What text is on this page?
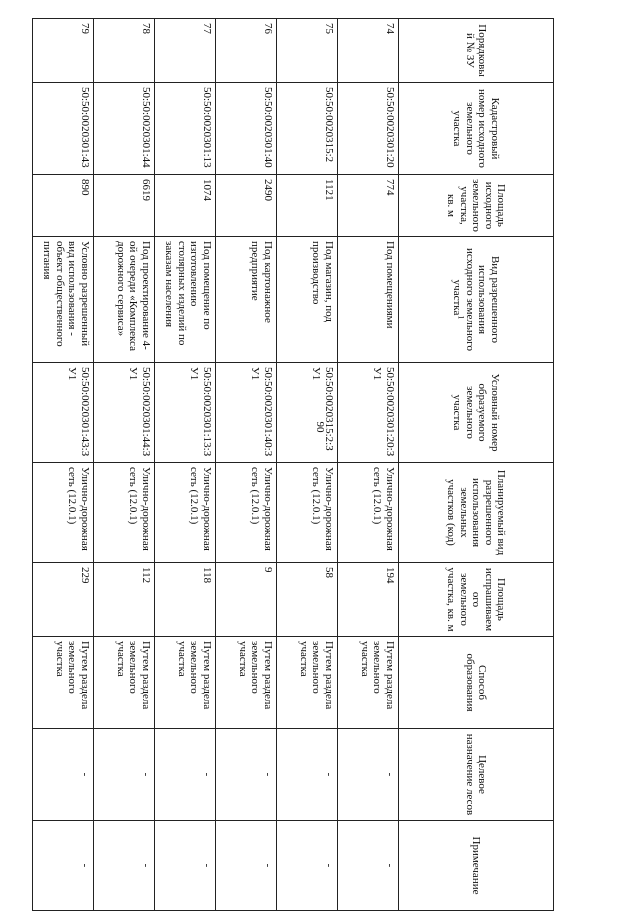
90
Порядковый № ЗУ	Кадастровый номер исходного земельного участка	Площадь исходного земельного участка, кв. м	Вид разрешенного использования исходного земельного участка$^1$	Условный номер образуемого земельного участка	Планируемый вид разрешенного использования земельных участков (код)	Площадь испрашиваемого земельного участка, кв. м	Способ образования	Целевое назначение лесов	Примечание
74	50:50:0020301:20	774	Под помещениями	50:50:0020301:20:ЗУ1	Улично-дорожная сеть (12.0.1)	194	Путем раздела земельного участка	-	-
75	50:50:0020315:2	1121	Под магазин, под производство	50:50:0020315:2:ЗУ1	Улично-дорожная сеть (12.0.1)	58	Путем раздела земельного участка	-	-
76	50:50:0020301:40	2490	Под картонажное предприятие	50:50:0020301:40:ЗУ1	Улично-дорожная сеть (12.0.1)	9	Путем раздела земельного участка	-	-
77	50:50:0020301:13	1074	Под помещение по изготовлению столярных изделий по заказам населения	50:50:0020301:13:ЗУ1	Улично-дорожная сеть (12.0.1)	118	Путем раздела земельного участка	-	-
78	50:50:0020301:44	6619	Под проектирование 4-ой очереди «Комплекса дорожного сервиса»	50:50:0020301:44:ЗУ1	Улично-дорожная сеть (12.0.1)	112	Путем раздела земельного участка	-	-
79	50:50:0020301:43	890	Условно разрешенный вид использования - объект общественного питания	50:50:0020301:43:ЗУ1	Улично-дорожная сеть (12.0.1)	229	Путем раздела земельного участка	-	-
